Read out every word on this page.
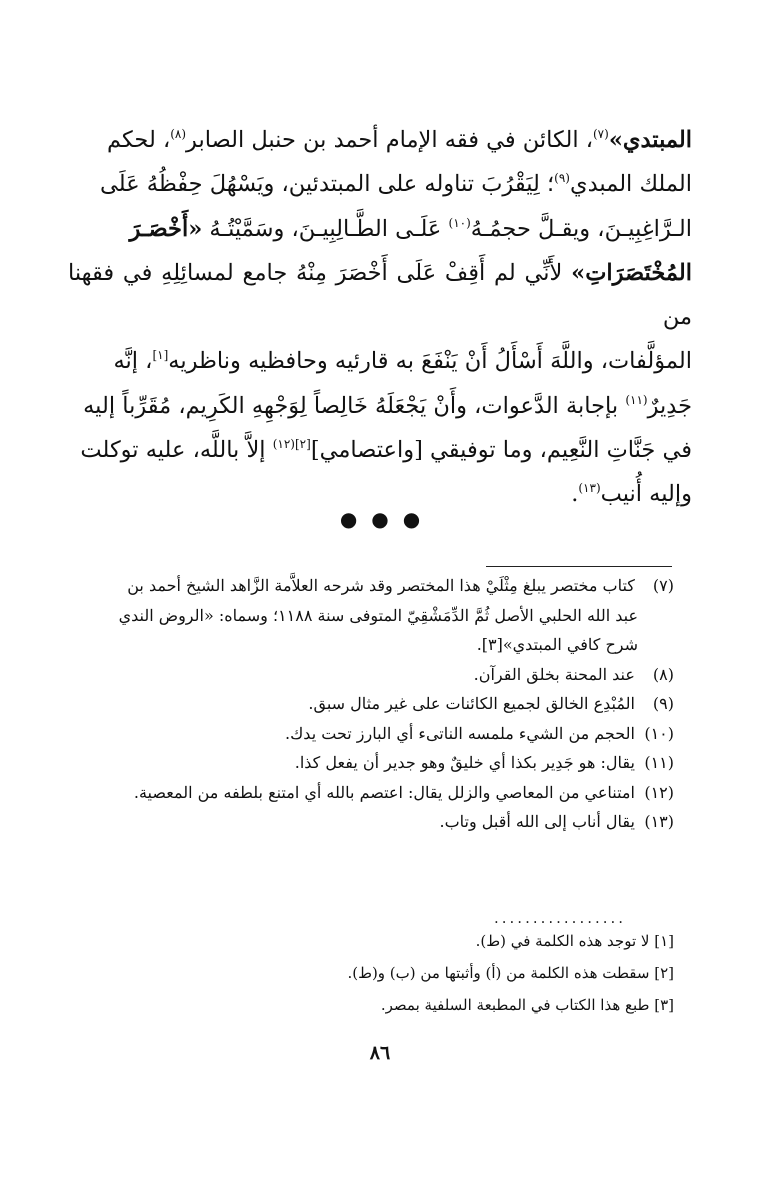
المبتدي»$^{(٧)}$، الكائن في فقه الإمام أحمد بن حنبل الصابر$^{(٨)}$، لحكم

الملك المبدي$^{(٩)}$؛ لِيَقْرُبَ تناوله على المبتدئين، ويَسْهُلَ حِفْظُهُ عَلَى

الـرَّاغِبِيـنَ، ويقـلَّ حجمُـهُ$^{(١٠)}$ عَلَـى الطَّـالِبِيـنَ، وسَمَّيْتُـهُ «أَخْصَـرَ

المُخْتَصَرَاتِ» لأَنِّي لم أَقِفْ عَلَى أَخْصَرَ مِنْهُ جامع لمسائِلِهِ في فقهنا من

المؤلَّفات، واللَّهَ أَسْأَلُ أَنْ يَنْفَعَ به قارئيه وحافظيه وناظريه[١]، إنَّه

جَدِيرٌ$^{(١١)}$ بإجابة الدَّعوات، وأَنْ يَجْعَلَهُ خَالِصاً لِوَجْهِهِ الكَرِيم، مُقَرِّباً إليه

في جَنَّاتِ النَّعِيم، وما توفيقي [واعتصامي]$^{[٢](١٢)}$ إلاَّ باللَّه، عليه توكلت

وإليه أُنيب$^{(١٣)}$.

●●●

(٧) كتاب مختصر يبلغ مِثْلَيْ هذا المختصر وقد شرحه العلاَّمة الزَّاهد الشيخ أحمد بن

عبد الله الحلبي الأصل ثُمَّ الدِّمَشْقِيّ المتوفى سنة ١١٨٨؛ وسماه: «الروض الندي

شرح كافي المبتدي»[٣].

(٨) عند المحنة بخلق القرآن.

(٩) المُبْدِع الخالق لجميع الكائنات على غير مثال سبق.

(١٠) الحجم من الشيء ملمسه الناتىء أي البارز تحت يدك.

(١١) يقال: هو جَدِير بكذا أي خليقٌ وهو جدير أن يفعل كذا.

(١٢) امتناعي من المعاصي والزلل يقال: اعتصم بالله أي امتنع بلطفه من المعصية.

(١٣) يقال أناب إلى الله أقبل وتاب.

.................

[١] لا توجد هذه الكلمة في (ط).

[٢] سقطت هذه الكلمة من (أ) وأثبتها من (ب) و(ط).

[٣] طبع هذا الكتاب في المطبعة السلفية بمصر.

٨٦
